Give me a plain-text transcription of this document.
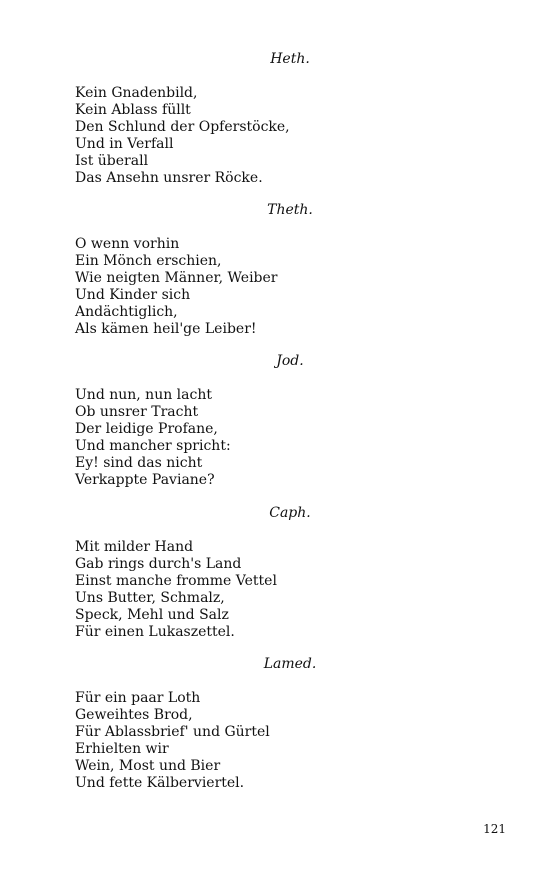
Heth.
Kein Gnadenbild,
Kein Ablass füllt
Den Schlund der Opferstöcke,
Und in Verfall
Ist überall
Das Ansehn unsrer Röcke.
Theth.
O wenn vorhin
Ein Mönch erschien,
Wie neigten Männer, Weiber
Und Kinder sich
Andächtiglich,
Als kämen heil'ge Leiber!
Jod.
Und nun, nun lacht
Ob unsrer Tracht
Der leidige Profane,
Und mancher spricht:
Ey! sind das nicht
Verkappte Paviane?
Caph.
Mit milder Hand
Gab rings durch's Land
Einst manche fromme Vettel
Uns Butter, Schmalz,
Speck, Mehl und Salz
Für einen Lukaszettel.
Lamed.
Für ein paar Loth
Geweihtes Brod,
Für Ablassbrief' und Gürtel
Erhielten wir
Wein, Most und Bier
Und fette Kälberviertel.
121
